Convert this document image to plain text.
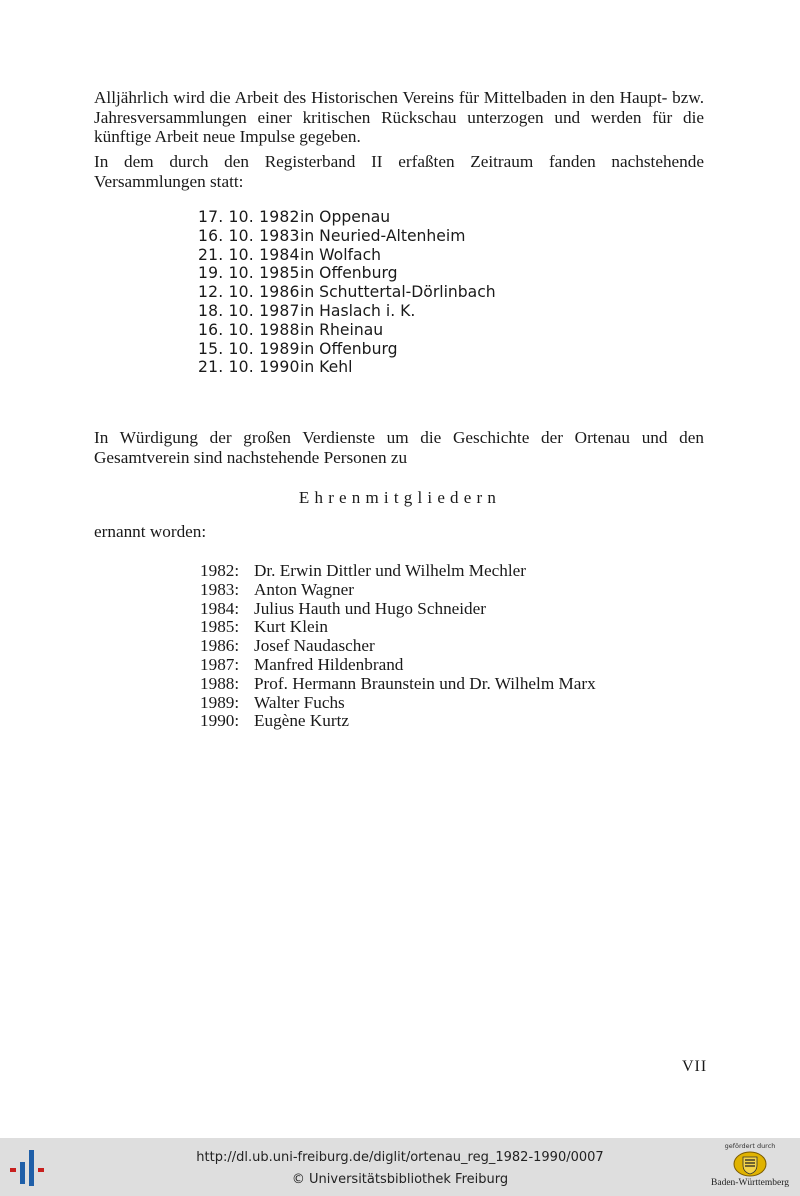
Alljährlich wird die Arbeit des Historischen Vereins für Mittelbaden in den Haupt- bzw. Jahresversammlungen einer kritischen Rückschau unterzogen und werden für die künftige Arbeit neue Impulse gegeben.

In dem durch den Registerband II erfaßten Zeitraum fanden nachstehende Versammlungen statt:

17. 10. 1982in Oppenau
16. 10. 1983in Neuried-Altenheim
21. 10. 1984in Wolfach
19. 10. 1985in Offenburg
12. 10. 1986in Schuttertal-Dörlinbach
18. 10. 1987in Haslach i. K.
16. 10. 1988in Rheinau
15. 10. 1989in Offenburg
21. 10. 1990in Kehl

In Würdigung der großen Verdienste um die Geschichte der Ortenau und den Gesamtverein sind nachstehende Personen zu

Ehrenmitgliedern

ernannt worden:

1982: Dr. Erwin Dittler und Wilhelm Mechler
1983: Anton Wagner
1984: Julius Hauth und Hugo Schneider
1985: Kurt Klein
1986: Josef Naudascher
1987: Manfred Hildenbrand
1988: Prof. Hermann Braunstein und Dr. Wilhelm Marx
1989: Walter Fuchs
1990: Eugène Kurtz
VII
http://dl.ub.uni-freiburg.de/diglit/ortenau_reg_1982-1990/0007
© Universitätsbibliothek Freiburg
gefördert durch
Baden-Württemberg
